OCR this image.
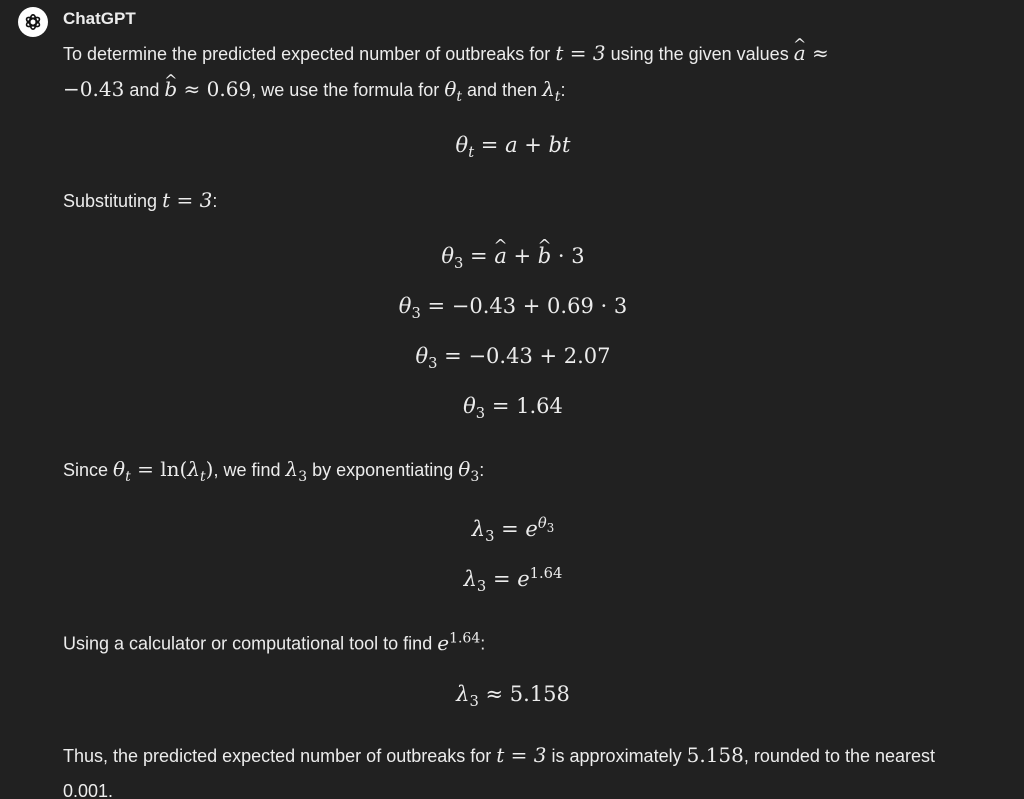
ChatGPT

To determine the predicted expected number of outbreaks for t = 3 using the given values ^ a ≈
−0.43 and ^ b ≈ 0.69, we use the formula for $\theta_t$ and then $\lambda_t$:

$\theta_t = a$ + bt

Substituting t = 3:

$\theta_3$ = ^ a + ^ b · 3

$\theta_3 = -0.43 + 0.69 \cdot 3$

$\theta_3 = -0.43 + 2.07$

$\theta_3 = 1.64$

Since $\theta_t = \ln(\lambda_t)$, we find $\lambda_3$ by exponentiating $\theta_3$:

$\lambda_3 = e^{\theta_3}$

$\lambda_3 = e^{1.64}$

Using a calculator or computational tool to find $e^{1.64}$:

$\lambda_3 \approx 5.158$

Thus, the predicted expected number of outbreaks for t = 3 is approximately 5.158, rounded to the nearest 0.001.
